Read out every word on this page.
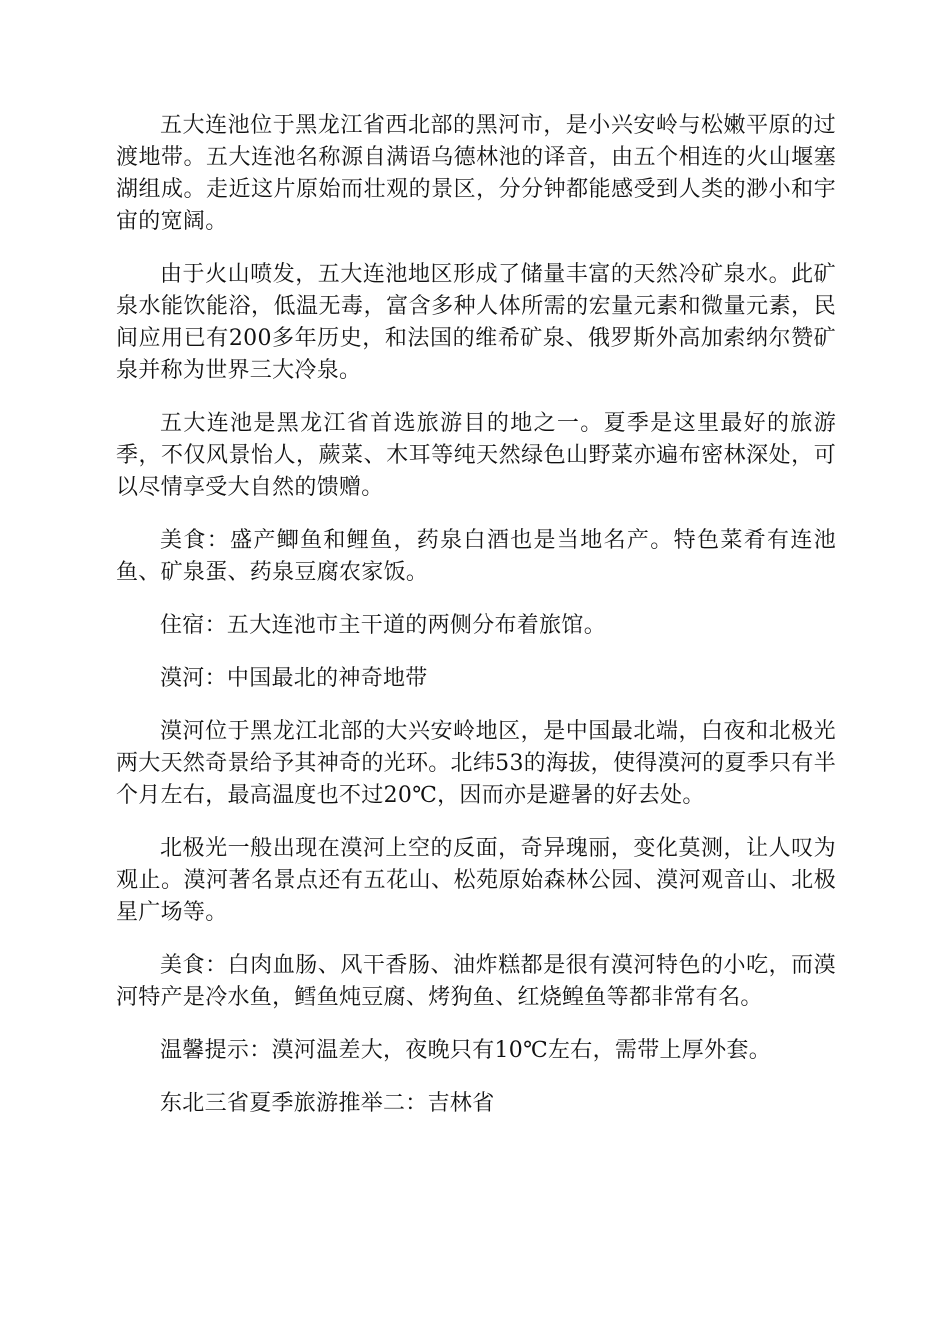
五大连池位于黑龙江省西北部的黑河市，是小兴安岭与松嫩平原的过渡地带。五大连池名称源自满语乌德林池的译音，由五个相连的火山堰塞湖组成。走近这片原始而壮观的景区，分分钟都能感受到人类的渺小和宇宙的宽阔。

由于火山喷发，五大连池地区形成了储量丰富的天然冷矿泉水。此矿泉水能饮能浴，低温无毒，富含多种人体所需的宏量元素和微量元素，民间应用已有200多年历史，和法国的维希矿泉、俄罗斯外高加索纳尔赞矿泉并称为世界三大冷泉。

五大连池是黑龙江省首选旅游目的地之一。夏季是这里最好的旅游季，不仅风景怡人，蕨菜、木耳等纯天然绿色山野菜亦遍布密林深处，可以尽情享受大自然的馈赠。

美食：盛产鲫鱼和鲤鱼，药泉白酒也是当地名产。特色菜肴有连池鱼、矿泉蛋、药泉豆腐农家饭。

住宿：五大连池市主干道的两侧分布着旅馆。

漠河：中国最北的神奇地带

漠河位于黑龙江北部的大兴安岭地区，是中国最北端，白夜和北极光两大天然奇景给予其神奇的光环。北纬53的海拔，使得漠河的夏季只有半个月左右，最高温度也不过20℃，因而亦是避暑的好去处。

北极光一般出现在漠河上空的反面，奇异瑰丽，变化莫测，让人叹为观止。漠河著名景点还有五花山、松苑原始森林公园、漠河观音山、北极星广场等。

美食：白肉血肠、风干香肠、油炸糕都是很有漠河特色的小吃，而漠河特产是冷水鱼，鳕鱼炖豆腐、烤狗鱼、红烧鳇鱼等都非常有名。

温馨提示：漠河温差大，夜晚只有10℃左右，需带上厚外套。

东北三省夏季旅游推举二：吉林省
